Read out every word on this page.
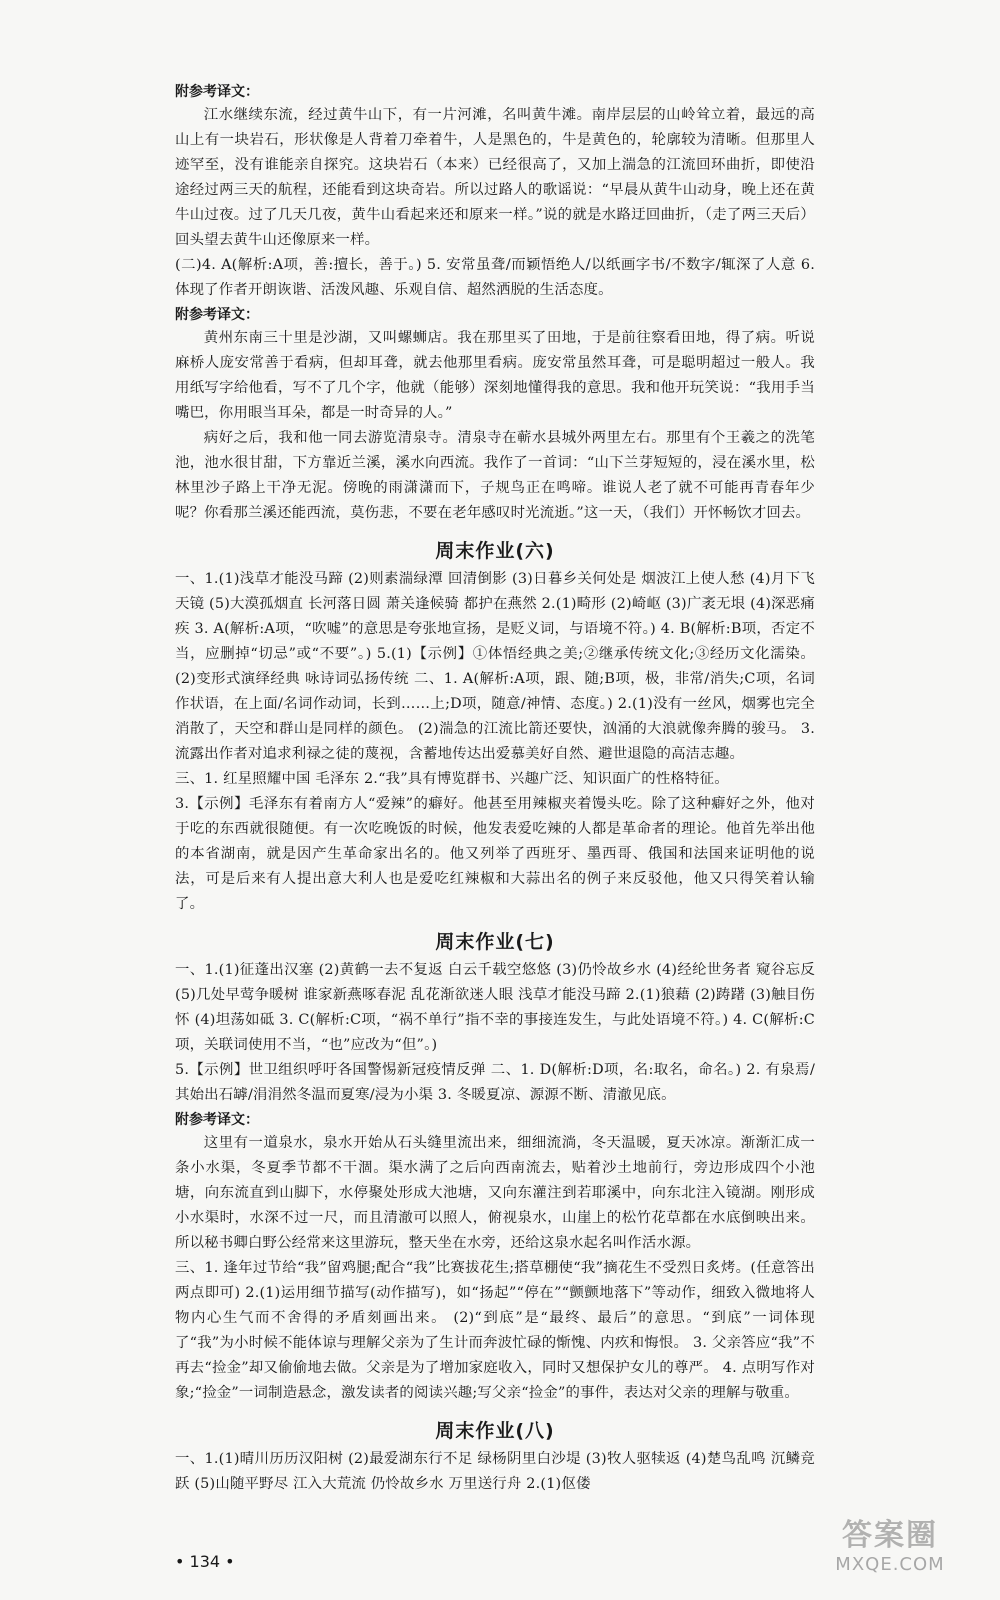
附参考译文：

江水继续东流，经过黄牛山下，有一片河滩，名叫黄牛滩。南岸层层的山岭耸立着，最远的高山上有一块岩石，形状像是人背着刀牵着牛，人是黑色的，牛是黄色的，轮廓较为清晰。但那里人迹罕至，没有谁能亲自探究。这块岩石（本来）已经很高了，又加上湍急的江流回环曲折，即使沿途经过两三天的航程，还能看到这块奇岩。所以过路人的歌谣说：“早晨从黄牛山动身，晚上还在黄牛山过夜。过了几天几夜，黄牛山看起来还和原来一样。”说的就是水路迂回曲折，（走了两三天后）回头望去黄牛山还像原来一样。

(二)4. A(解析:A项，善:擅长，善于。) 5. 安常虽聋/而颖悟绝人/以纸画字书/不数字/辄深了人意 6. 体现了作者开朗诙谐、活泼风趣、乐观自信、超然洒脱的生活态度。

附参考译文：

黄州东南三十里是沙湖，又叫螺蛳店。我在那里买了田地，于是前往察看田地，得了病。听说麻桥人庞安常善于看病，但却耳聋，就去他那里看病。庞安常虽然耳聋，可是聪明超过一般人。我用纸写字给他看，写不了几个字，他就（能够）深刻地懂得我的意思。我和他开玩笑说：“我用手当嘴巴，你用眼当耳朵，都是一时奇异的人。”

病好之后，我和他一同去游览清泉寺。清泉寺在蕲水县城外两里左右。那里有个王羲之的洗笔池，池水很甘甜，下方靠近兰溪，溪水向西流。我作了一首词：“山下兰芽短短的，浸在溪水里，松林里沙子路上干净无泥。傍晚的雨潇潇而下，子规鸟正在鸣啼。谁说人老了就不可能再青春年少呢？你看那兰溪还能西流，莫伤悲，不要在老年感叹时光流逝。”这一天，（我们）开怀畅饮才回去。

周末作业(六)

一、1.(1)浅草才能没马蹄 (2)则素湍绿潭 回清倒影 (3)日暮乡关何处是 烟波江上使人愁 (4)月下飞天镜 (5)大漠孤烟直 长河落日圆 萧关逢候骑 都护在燕然 2.(1)畸形 (2)崎岖 (3)广袤无垠 (4)深恶痛疾 3. A(解析:A项，“吹嘘”的意思是夸张地宣扬，是贬义词，与语境不符。) 4. B(解析:B项，否定不当，应删掉“切忌”或“不要”。) 5.(1)【示例】①体悟经典之美;②继承传统文化;③经历文化濡染。 (2)变形式演绎经典 咏诗词弘扬传统 二、1. A(解析:A项，跟、随;B项，极，非常/消失;C项，名词作状语，在上面/名词作动词，长到……上;D项，随意/神情、态度。) 2.(1)没有一丝风，烟雾也完全消散了，天空和群山是同样的颜色。 (2)湍急的江流比箭还要快，汹涌的大浪就像奔腾的骏马。 3. 流露出作者对追求利禄之徒的蔑视，含蓄地传达出爱慕美好自然、避世退隐的高洁志趣。

三、1. 红星照耀中国 毛泽东 2.“我”具有博览群书、兴趣广泛、知识面广的性格特征。

3.【示例】毛泽东有着南方人“爱辣”的癖好。他甚至用辣椒夹着馒头吃。除了这种癖好之外，他对于吃的东西就很随便。有一次吃晚饭的时候，他发表爱吃辣的人都是革命者的理论。他首先举出他的本省湖南，就是因产生革命家出名的。他又列举了西班牙、墨西哥、俄国和法国来证明他的说法，可是后来有人提出意大利人也是爱吃红辣椒和大蒜出名的例子来反驳他，他又只得笑着认输了。

周末作业(七)

一、1.(1)征蓬出汉塞 (2)黄鹤一去不复返 白云千载空悠悠 (3)仍怜故乡水 (4)经纶世务者 窥谷忘反 (5)几处早莺争暖树 谁家新燕啄春泥 乱花渐欲迷人眼 浅草才能没马蹄 2.(1)狼藉 (2)踌躇 (3)触目伤怀 (4)坦荡如砥 3. C(解析:C项，“祸不单行”指不幸的事接连发生，与此处语境不符。) 4. C(解析:C项，关联词使用不当，“也”应改为“但”。)

5.【示例】世卫组织呼吁各国警惕新冠疫情反弹 二、1. D(解析:D项，名:取名，命名。) 2. 有泉焉/其始出石罅/涓涓然冬温而夏寒/浸为小渠 3. 冬暖夏凉、源源不断、清澈见底。

附参考译文：

这里有一道泉水，泉水开始从石头缝里流出来，细细流淌，冬天温暖，夏天冰凉。渐渐汇成一条小水渠，冬夏季节都不干涸。渠水满了之后向西南流去，贴着沙土地前行，旁边形成四个小池塘，向东流直到山脚下，水停聚处形成大池塘，又向东灌注到若耶溪中，向东北注入镜湖。刚形成小水渠时，水深不过一尺，而且清澈可以照人，俯视泉水，山崖上的松竹花草都在水底倒映出来。所以秘书卿白野公经常来这里游玩，整天坐在水旁，还给这泉水起名叫作活水源。

三、1. 逢年过节给“我”留鸡腿;配合“我”比赛拔花生;搭草棚使“我”摘花生不受烈日炙烤。(任意答出两点即可) 2.(1)运用细节描写(动作描写)，如“扬起”“停在”“颤颤地落下”等动作，细致入微地将人物内心生气而不舍得的矛盾刻画出来。 (2)“到底”是“最终、最后”的意思。“到底”一词体现了“我”为小时候不能体谅与理解父亲为了生计而奔波忙碌的惭愧、内疚和悔恨。 3. 父亲答应“我”不再去“捡金”却又偷偷地去做。父亲是为了增加家庭收入，同时又想保护女儿的尊严。 4. 点明写作对象;“捡金”一词制造悬念，激发读者的阅读兴趣;写父亲“捡金”的事件，表达对父亲的理解与敬重。

周末作业(八)

一、1.(1)晴川历历汉阳树 (2)最爱湖东行不足 绿杨阴里白沙堤 (3)牧人驱犊返 (4)楚鸟乱鸣 沉鳞竞跃 (5)山随平野尽 江入大荒流 仍怜故乡水 万里送行舟 2.(1)伛偻

• 134 •
答案圈
MXQE.COM
